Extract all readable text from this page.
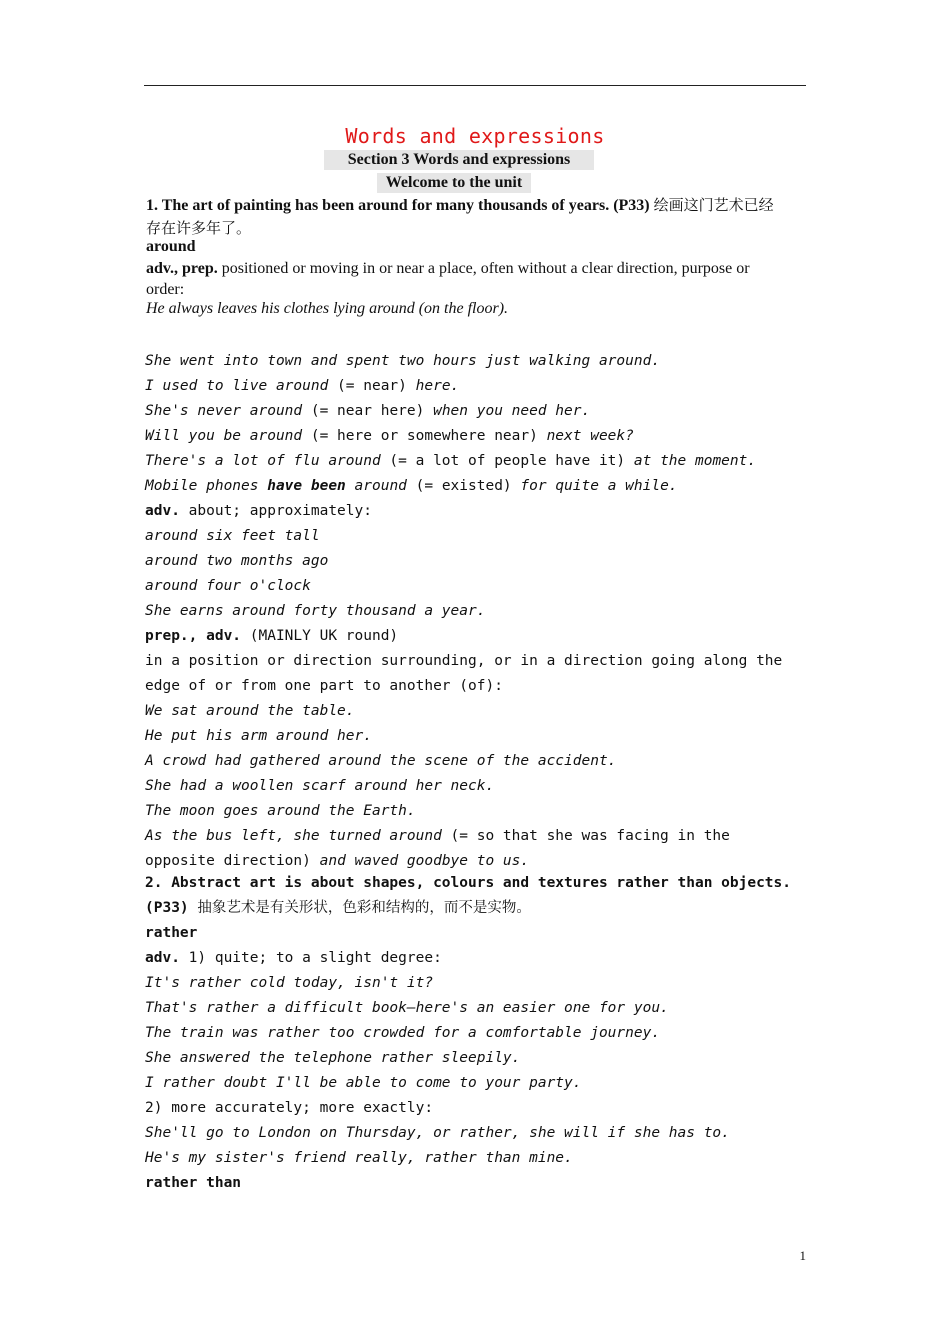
Words and expressions
Section 3 Words and expressions
Welcome to the unit
1. The art of painting has been around for many thousands of years. (P33) 绘画这门艺术已经存在许多年了。
around
adv., prep. positioned or moving in or near a place, often without a clear direction, purpose or order:
He always leaves his clothes lying around (on the floor).
She went into town and spent two hours just walking around.
I used to live around (= near) here.
She's never around (= near here) when you need her.
Will you be around (= here or somewhere near) next week?
There's a lot of flu around (= a lot of people have it) at the moment.
Mobile phones have been around (= existed) for quite a while.
adv. about; approximately:
around six feet tall
around two months ago
around four o'clock
She earns around forty thousand a year.
prep., adv. (MAINLY UK round)
in a position or direction surrounding, or in a direction going along the edge of or from one part to another (of):
We sat around the table.
He put his arm around her.
A crowd had gathered around the scene of the accident.
She had a woollen scarf around her neck.
The moon goes around the Earth.
As the bus left, she turned around (= so that she was facing in the opposite direction) and waved goodbye to us.
2. Abstract art is about shapes, colours and textures rather than objects.
(P33) 抽象艺术是有关形状，色彩和结构的，而不是实物。
rather
adv. 1) quite; to a slight degree:
It's rather cold today, isn't it?
That's rather a difficult book—here's an easier one for you.
The train was rather too crowded for a comfortable journey.
She answered the telephone rather sleepily.
I rather doubt I'll be able to come to your party.
2) more accurately; more exactly:
She'll go to London on Thursday, or rather, she will if she has to.
He's my sister's friend really, rather than mine.
rather than
1
